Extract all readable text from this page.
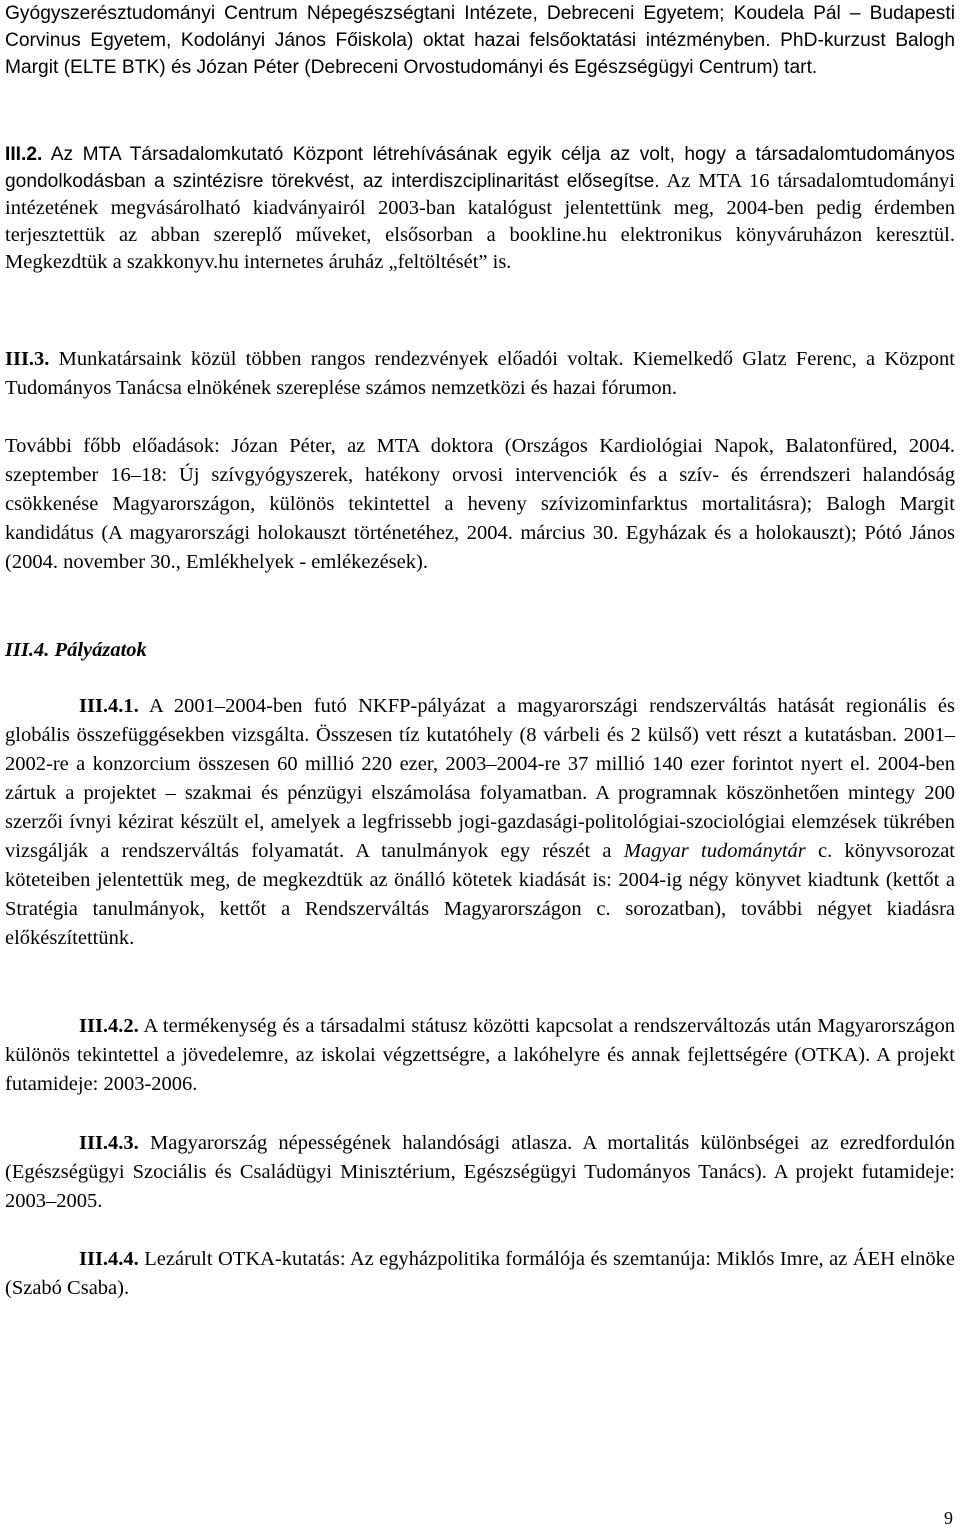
Gyógyszerésztudományi Centrum Népegészségtani Intézete, Debreceni Egyetem; Koudela Pál – Budapesti Corvinus Egyetem, Kodolányi János Főiskola) oktat hazai felsőoktatási intézményben. PhD-kurzust Balogh Margit (ELTE BTK) és Józan Péter (Debreceni Orvostudományi és Egészségügyi Centrum) tart.

III.2. Az MTA Társadalomkutató Központ létrehívásának egyik célja az volt, hogy a társadalomtudományos gondolkodásban a szintézisre törekvést, az interdiszciplinaritást elősegítse. Az MTA 16 társadalomtudományi intézetének megvásárolható kiadványairól 2003-ban katalógust jelentettünk meg, 2004-ben pedig érdemben terjesztettük az abban szereplő műveket, elsősorban a bookline.hu elektronikus könyváruházon keresztül. Megkezdtük a szakkonyv.hu internetes áruház „feltöltését” is.

III.3. Munkatársaink közül többen rangos rendezvények előadói voltak. Kiemelkedő Glatz Ferenc, a Központ Tudományos Tanácsa elnökének szereplése számos nemzetközi és hazai fórumon.

További főbb előadások: Józan Péter, az MTA doktora (Országos Kardiológiai Napok, Balatonfüred, 2004. szeptember 16–18: Új szívgyógyszerek, hatékony orvosi intervenciók és a szív- és érrendszeri halandóság csökkenése Magyarországon, különös tekintettel a heveny szívizominfarktus mortalitásra); Balogh Margit kandidátus (A magyarországi holokauszt történetéhez, 2004. március 30. Egyházak és a holokauszt); Pótó János (2004. november 30., Emlékhelyek - emlékezések).

III.4. Pályázatok

III.4.1. A 2001–2004-ben futó NKFP-pályázat a magyarországi rendszerváltás hatását regionális és globális összefüggésekben vizsgálta. Összesen tíz kutatóhely (8 várbeli és 2 külső) vett részt a kutatásban. 2001–2002-re a konzorcium összesen 60 millió 220 ezer, 2003–2004-re 37 millió 140 ezer forintot nyert el. 2004-ben zártuk a projektet – szakmai és pénzügyi elszámolása folyamatban. A programnak köszönhetően mintegy 200 szerzői ívnyi kézirat készült el, amelyek a legfrissebb jogi-gazdasági-politológiai-szociológiai elemzések tükrében vizsgálják a rendszerváltás folyamatát. A tanulmányok egy részét a Magyar tudománytár c. könyvsorozat köteteiben jelentettük meg, de megkezdtük az önálló kötetek kiadását is: 2004-ig négy könyvet kiadtunk (kettőt a Stratégia tanulmányok, kettőt a Rendszerváltás Magyarországon c. sorozatban), további négyet kiadásra előkészítettünk.

III.4.2. A termékenység és a társadalmi státusz közötti kapcsolat a rendszerváltozás után Magyarországon különös tekintettel a jövedelemre, az iskolai végzettségre, a lakóhelyre és annak fejlettségére (OTKA). A projekt futamideje: 2003-2006.

III.4.3. Magyarország népességének halandósági atlasza. A mortalitás különbségei az ezredfordulón (Egészségügyi Szociális és Családügyi Minisztérium, Egészségügyi Tudományos Tanács). A projekt futamideje: 2003–2005.

III.4.4. Lezárult OTKA-kutatás: Az egyházpolitika formálója és szemtanúja: Miklós Imre, az ÁEH elnöke (Szabó Csaba).

9
